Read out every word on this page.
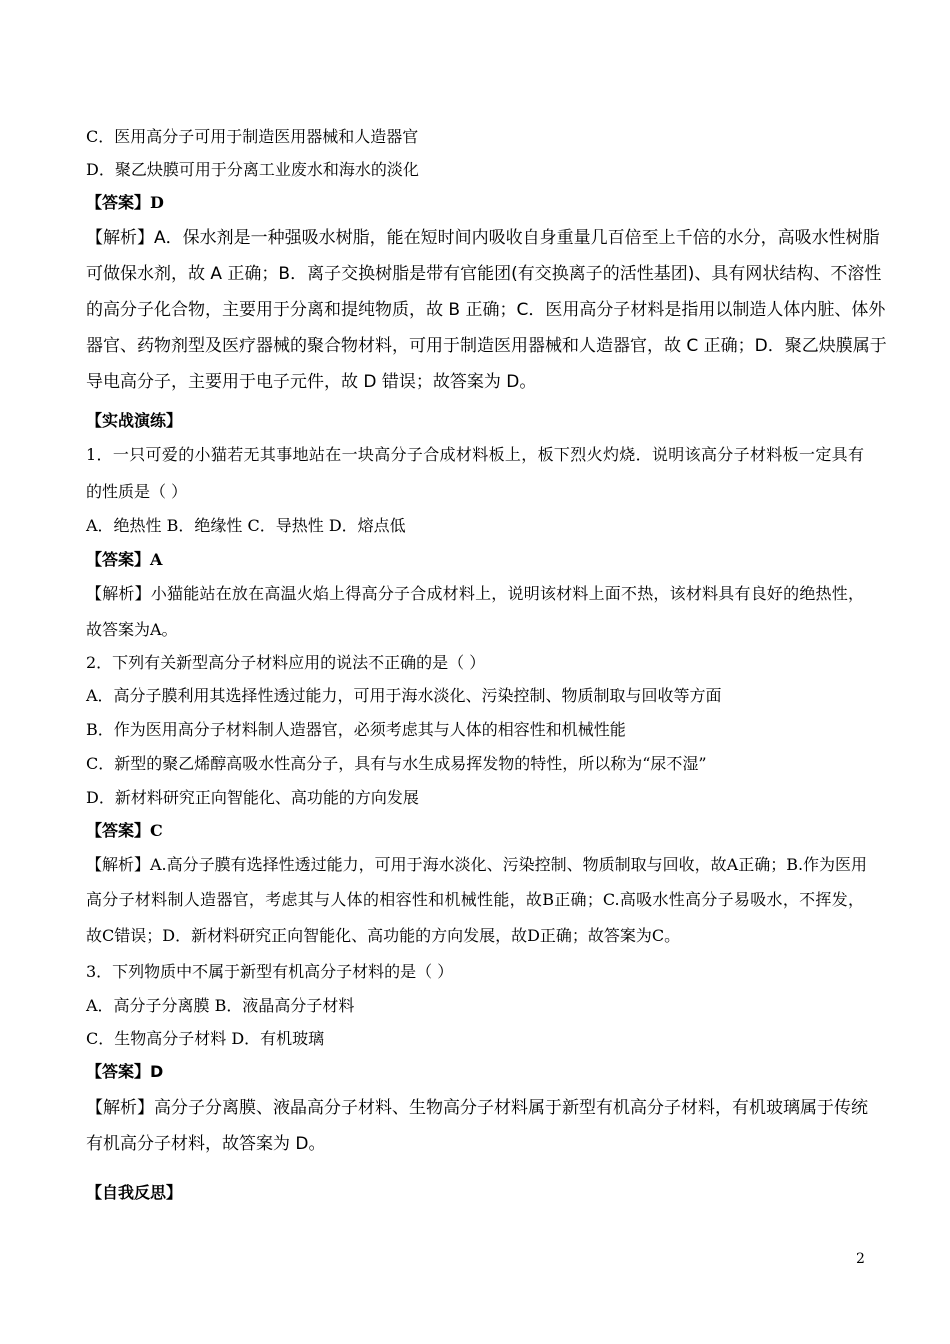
C．医用高分子可用于制造医用器械和人造器官
D．聚乙炔膜可用于分离工业废水和海水的淡化
【答案】D
【解析】A．保水剂是一种强吸水树脂，能在短时间内吸收自身重量几百倍至上千倍的水分，高吸水性树脂
可做保水剂，故 A 正确；B．离子交换树脂是带有官能团(有交换离子的活性基团)、具有网状结构、不溶性
的高分子化合物，主要用于分离和提纯物质，故 B 正确；C．医用高分子材料是指用以制造人体内脏、体外
器官、药物剂型及医疗器械的聚合物材料，可用于制造医用器械和人造器官，故 C 正确；D．聚乙炔膜属于
导电高分子，主要用于电子元件，故 D 错误；故答案为 D。
【实战演练】
1．一只可爱的小猫若无其事地站在一块高分子合成材料板上，板下烈火灼烧．说明该高分子材料板一定具有
的性质是（ ）
A．绝热性 B．绝缘性 C．导热性 D．熔点低
【答案】A
【解析】小猫能站在放在高温火焰上得高分子合成材料上，说明该材料上面不热，该材料具有良好的绝热性，
故答案为A。
2．下列有关新型高分子材料应用的说法不正确的是（ ）
A．高分子膜利用其选择性透过能力，可用于海水淡化、污染控制、物质制取与回收等方面
B．作为医用高分子材料制人造器官，必须考虑其与人体的相容性和机械性能
C．新型的聚乙烯醇高吸水性高分子，具有与水生成易挥发物的特性，所以称为“尿不湿”
D．新材料研究正向智能化、高功能的方向发展
【答案】C
【解析】A.高分子膜有选择性透过能力，可用于海水淡化、污染控制、物质制取与回收，故A正确；B.作为医用
高分子材料制人造器官，考虑其与人体的相容性和机械性能，故B正确；C.高吸水性高分子易吸水，不挥发，
故C错误；D．新材料研究正向智能化、高功能的方向发展，故D正确；故答案为C。
3．下列物质中不属于新型有机高分子材料的是（ ）
A．高分子分离膜 B．液晶高分子材料
C．生物高分子材料 D．有机玻璃
【答案】D
【解析】高分子分离膜、液晶高分子材料、生物高分子材料属于新型有机高分子材料，有机玻璃属于传统
有机高分子材料，故答案为 D。
【自我反思】
2
